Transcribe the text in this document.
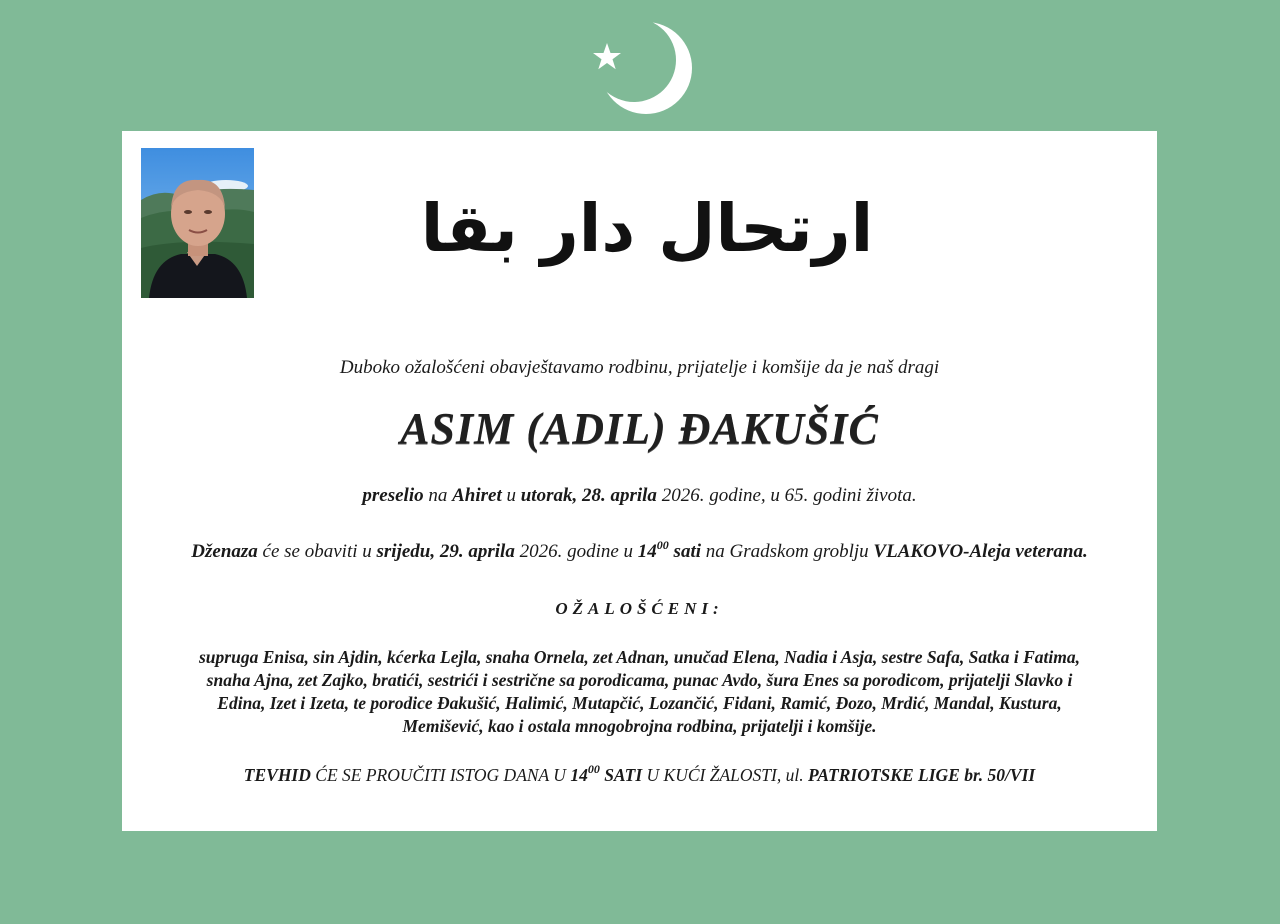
ارتحال دار بقا
Duboko ožalošćeni obavještavamo rodbinu, prijatelje i komšije da je naš dragi
ASIM (ADIL) ĐAKUŠIĆ
preselio na Ahiret u utorak, 28. aprila 2026. godine, u 65. godini života.
Dženaza će se obaviti u srijedu, 29. aprila 2026. godine u $14^{00}$ sati na Gradskom groblju VLAKOVO-Aleja veterana.
OŽALOŠĆENI:
supruga Enisa, sin Ajdin, kćerka Lejla, snaha Ornela, zet Adnan, unučad Elena, Nadia i Asja, sestre Safa, Satka i Fatima,
snaha Ajna, zet Zajko, bratići, sestrići i sestrične sa porodicama, punac Avdo, šura Enes sa porodicom, prijatelji Slavko i
Edina, Izet i Izeta, te porodice Đakušić, Halimić, Mutapčić, Lozančić, Fidani, Ramić, Đozo, Mrdić, Mandal, Kustura,
Memišević, kao i ostala mnogobrojna rodbina, prijatelji i komšije.
TEVHID ĆE SE PROUČITI ISTOG DANA U $14^{00}$ SATI U KUĆI ŽALOSTI, ul. PATRIOTSKE LIGE br. 50/VII
